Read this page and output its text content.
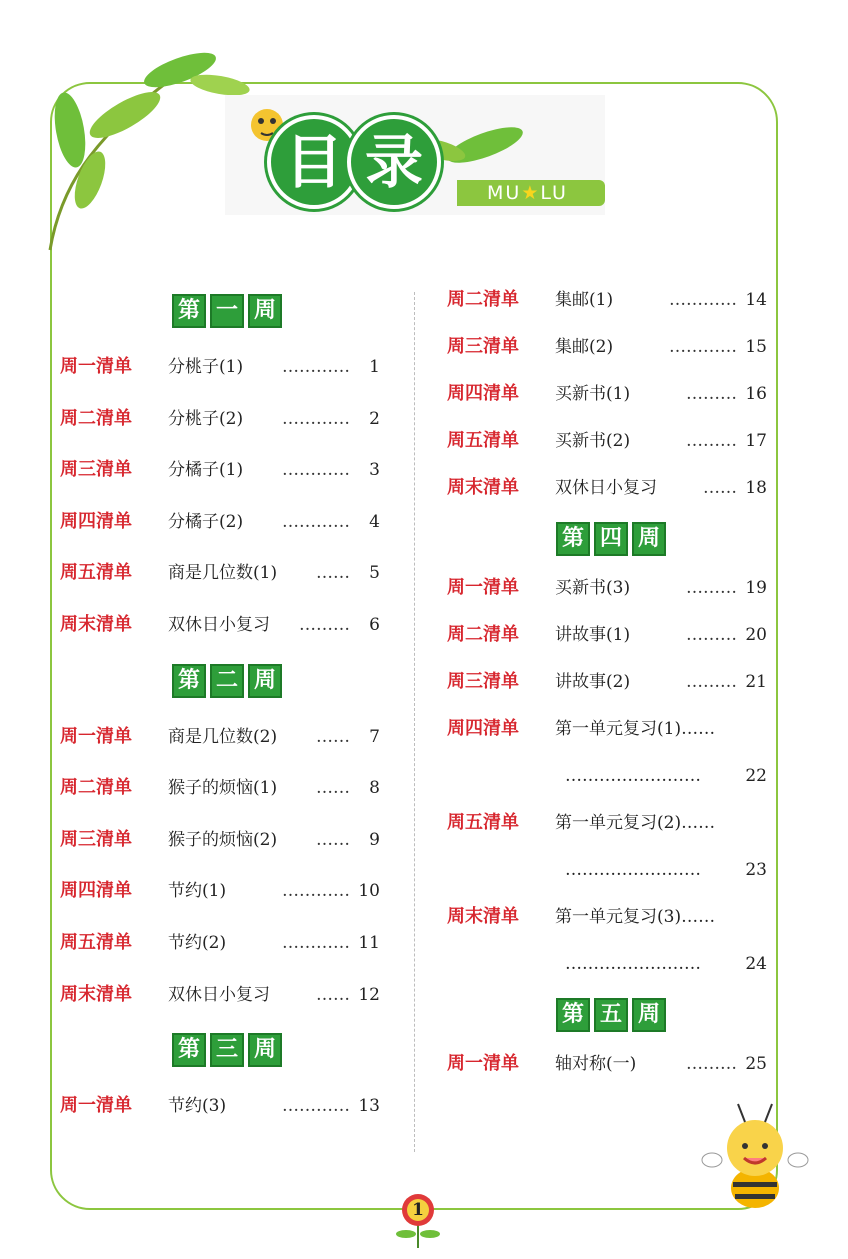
目 录	MU★LU
第 一 周
周一清单 分桃子(1) …………	1
周二清单 分桃子(2) …………	2
周三清单 分橘子(1) …………	3
周四清单 分橘子(2) …………	4
周五清单 商是几位数(1) ……	5
周末清单 双休日小复习 ………	6
第 二 周
周一清单 商是几位数(2) ……	7
周二清单 猴子的烦恼(1) ……	8
周三清单 猴子的烦恼(2) ……	9
周四清单 节约(1)	………… 10
周五清单 节约(2)	………… 11
周末清单 双休日小复习	…… 12
第 三 周
周一清单 节约(3)	………… 13
周二清单 集邮(1)	………… 14
周三清单 集邮(2)	………… 15
周四清单 买新书(1)	……… 16
周五清单 买新书(2)	……… 17
周末清单 双休日小复习	…… 18
第 四 周
周一清单 买新书(3)	……… 19
周二清单 讲故事(1)	……… 20
周三清单 讲故事(2)	……… 21
周四清单 第一单元复习(1)……
……………………	22
周五清单 第一单元复习(2)……
……………………	23
周末清单 第一单元复习(3)……
……………………	24
第 五 周
周一清单 轴对称(一)	……… 25
1
